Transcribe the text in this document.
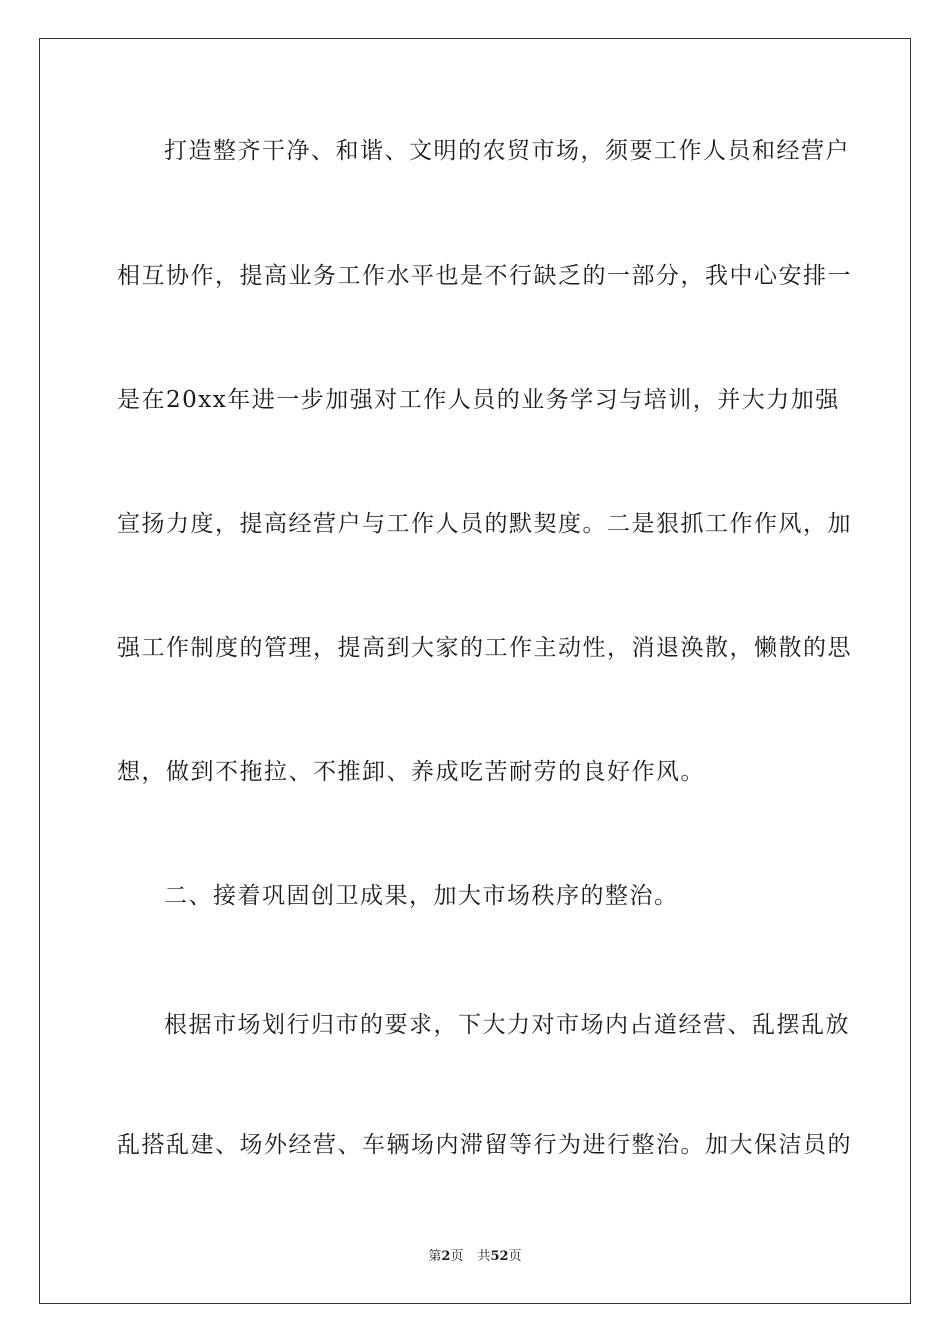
打造整齐干净、和谐、文明的农贸市场，须要工作人员和经营户
相互协作，提高业务工作水平也是不行缺乏的一部分，我中心安排一
是在20xx年进一步加强对工作人员的业务学习与培训，并大力加强
宣扬力度，提高经营户与工作人员的默契度。二是狠抓工作作风，加
强工作制度的管理，提高到大家的工作主动性，消退涣散，懒散的思
想，做到不拖拉、不推卸、养成吃苦耐劳的良好作风。
二、接着巩固创卫成果，加大市场秩序的整治。
根据市场划行归市的要求，下大力对市场内占道经营、乱摆乱放
乱搭乱建、场外经营、车辆场内滞留等行为进行整治。加大保洁员的
第2页 共52页
